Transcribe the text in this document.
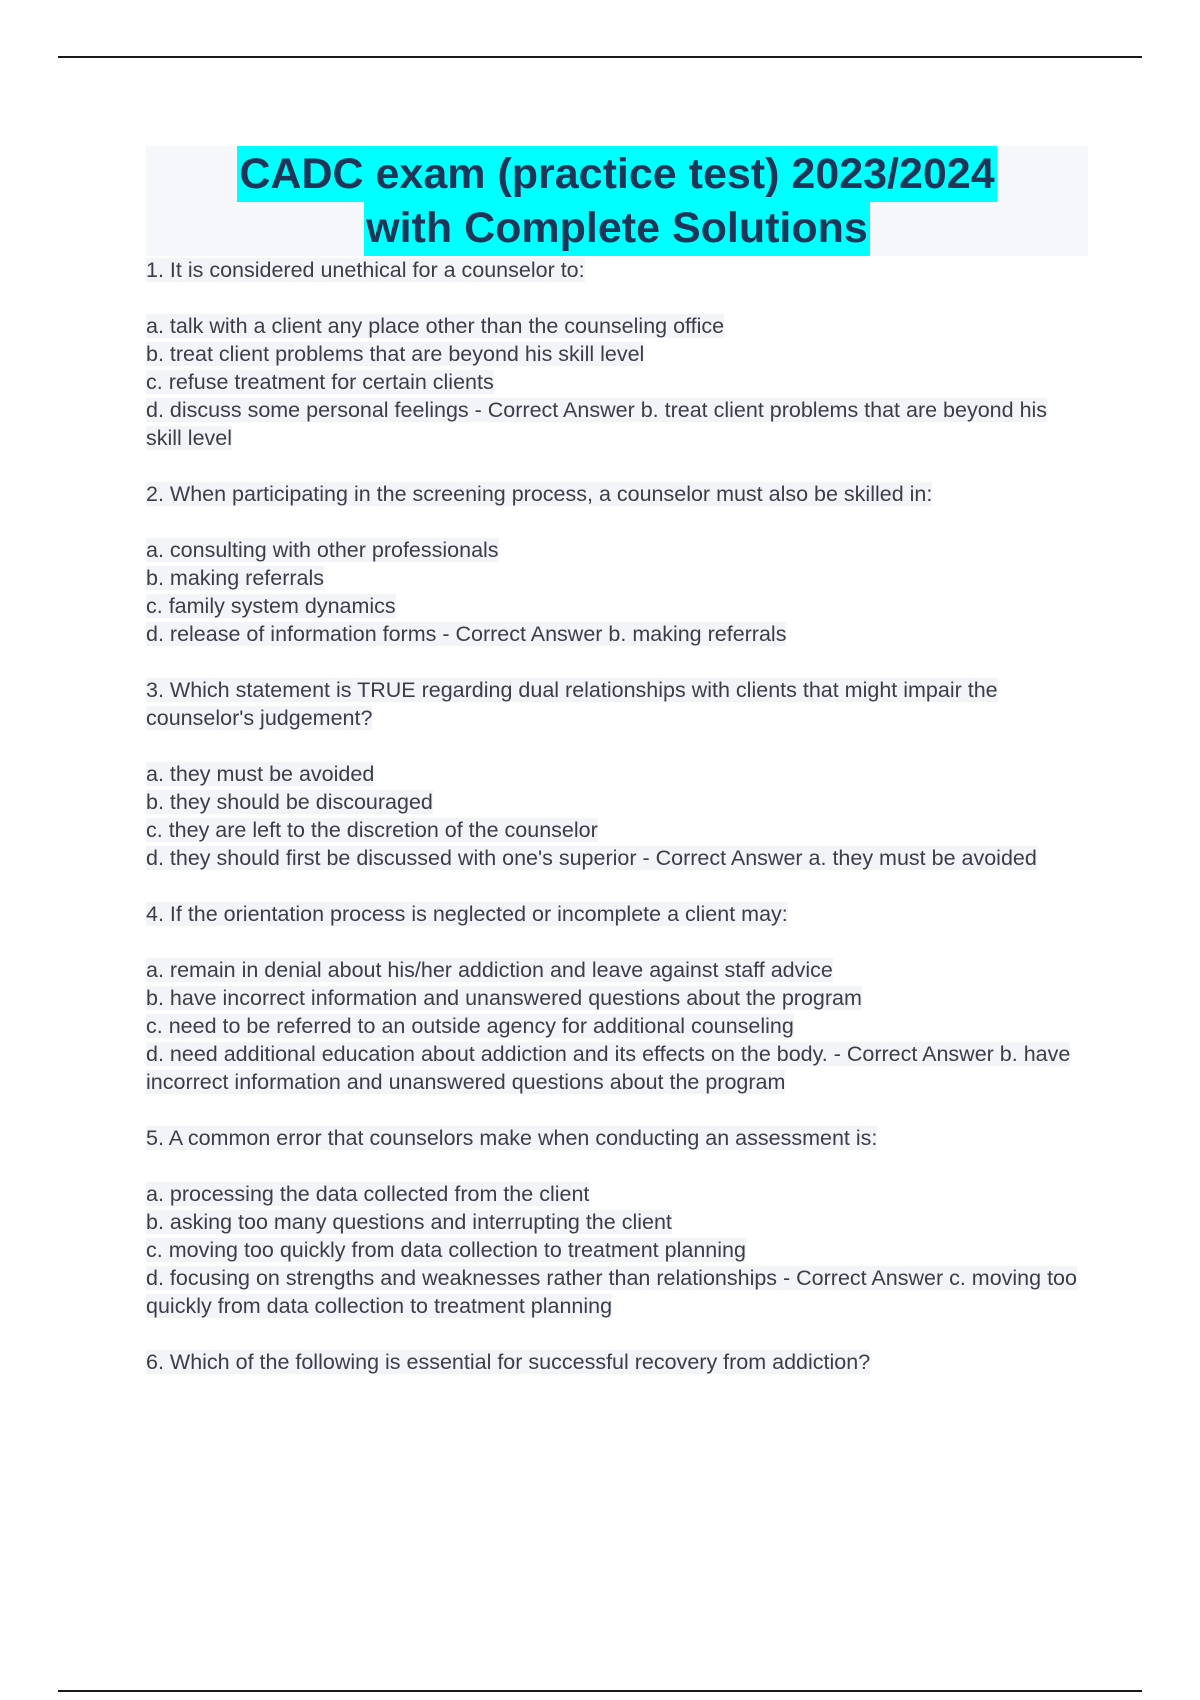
CADC exam (practice test) 2023/2024
with Complete Solutions
1. It is considered unethical for a counselor to:
a. talk with a client any place other than the counseling office
b. treat client problems that are beyond his skill level
c. refuse treatment for certain clients
d. discuss some personal feelings - Correct Answer b. treat client problems that are beyond his skill level
2. When participating in the screening process, a counselor must also be skilled in:
a. consulting with other professionals
b. making referrals
c. family system dynamics
d. release of information forms - Correct Answer b. making referrals
3. Which statement is TRUE regarding dual relationships with clients that might impair the counselor's judgement?
a. they must be avoided
b. they should be discouraged
c. they are left to the discretion of the counselor
d. they should first be discussed with one's superior - Correct Answer a. they must be avoided
4. If the orientation process is neglected or incomplete a client may:
a. remain in denial about his/her addiction and leave against staff advice
b. have incorrect information and unanswered questions about the program
c. need to be referred to an outside agency for additional counseling
d. need additional education about addiction and its effects on the body. - Correct Answer b. have incorrect information and unanswered questions about the program
5. A common error that counselors make when conducting an assessment is:
a. processing the data collected from the client
b. asking too many questions and interrupting the client
c. moving too quickly from data collection to treatment planning
d. focusing on strengths and weaknesses rather than relationships - Correct Answer c. moving too quickly from data collection to treatment planning
6. Which of the following is essential for successful recovery from addiction?
